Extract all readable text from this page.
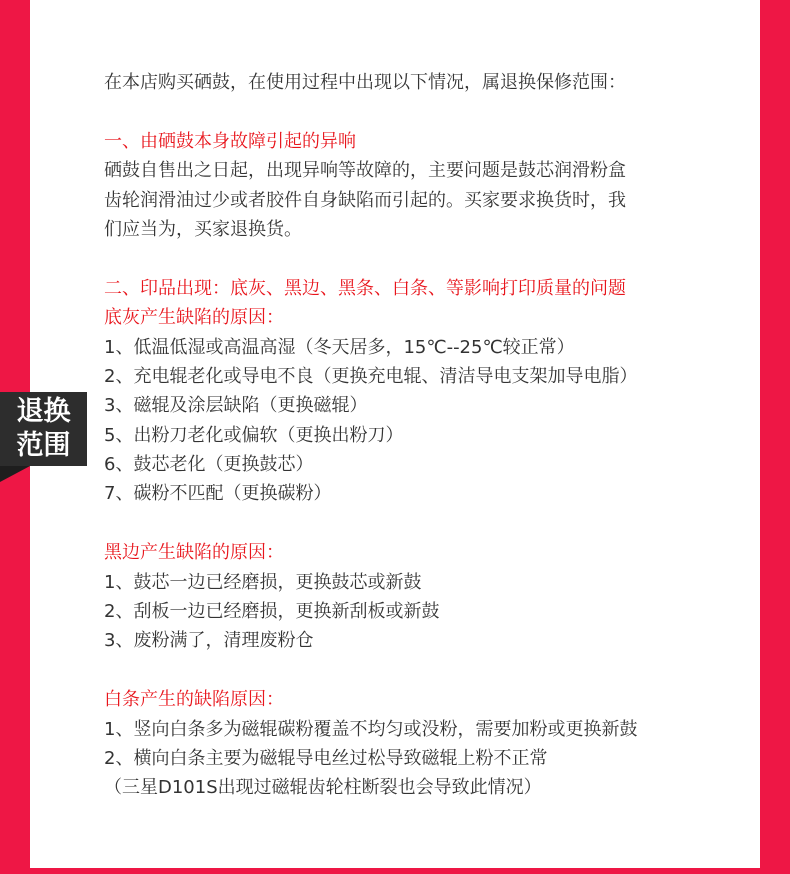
在本店购买硒鼓，在使用过程中出现以下情况，属退换保修范围：
一、由硒鼓本身故障引起的异响
硒鼓自售出之日起，出现异响等故障的，主要问题是鼓芯润滑粉盒
齿轮润滑油过少或者胶件自身缺陷而引起的。买家要求换货时，我
们应当为，买家退换货。
二、印品出现：底灰、黑边、黑条、白条、等影响打印质量的问题
底灰产生缺陷的原因：
1、低温低湿或高温高湿（冬天居多，15℃--25℃较正常）
2、充电辊老化或导电不良（更换充电辊、清洁导电支架加导电脂）
3、磁辊及涂层缺陷（更换磁辊）
5、出粉刀老化或偏软（更换出粉刀）
6、鼓芯老化（更换鼓芯）
7、碳粉不匹配（更换碳粉）
黑边产生缺陷的原因：
1、鼓芯一边已经磨损，更换鼓芯或新鼓
2、刮板一边已经磨损，更换新刮板或新鼓
3、废粉满了，清理废粉仓
白条产生的缺陷原因：
1、竖向白条多为磁辊碳粉覆盖不均匀或没粉，需要加粉或更换新鼓
2、横向白条主要为磁辊导电丝过松导致磁辊上粉不正常
（三星D101S出现过磁辊齿轮柱断裂也会导致此情况）
退换
范围
